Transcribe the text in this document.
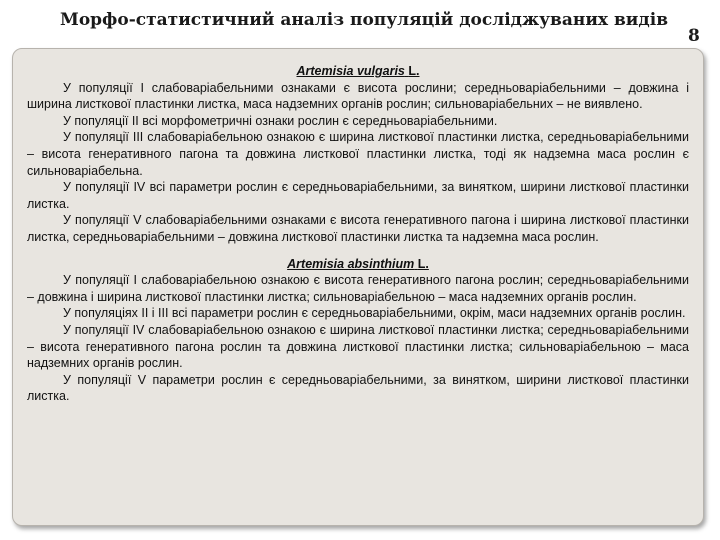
Морфо-статистичний аналіз популяцій досліджуваних видів
8

Artemisia vulgaris L.

У популяції І слабоваріабельними ознаками є висота рослини; середньоваріабельними – довжина і ширина листкової пластинки листка, маса надземних органів рослин; сильноваріабельних – не виявлено.

У популяції ІІ всі морфометричні ознаки рослин є середньоваріабельними.

У популяції ІІІ слабоваріабельною ознакою є ширина листкової пластинки листка, середньоваріабельними – висота генеративного пагона та довжина листкової пластинки листка, тоді як надземна маса рослин є сильноваріабельна.

У популяції IV всі параметри рослин є середньоваріабельними, за винятком, ширини листкової пластинки листка.

У популяції V слабоваріабельними ознаками є висота генеративного пагона і ширина листкової пластинки листка, середньоваріабельними – довжина листкової пластинки листка та надземна маса рослин.

Artemisia absinthium L.

У популяції І слабоваріабельною ознакою є висота генеративного пагона рослин; середньоваріабельними – довжина і ширина листкової пластинки листка; сильноваріабельною – маса надземних органів рослин.

У популяціях ІІ і ІІІ всі параметри рослин є середньоваріабельними, окрім, маси надземних органів рослин.

У популяції IV слабоваріабельною ознакою є ширина листкової пластинки листка; середньоваріабельними – висота генеративного пагона рослин та довжина листкової пластинки листка; сильноваріабельною – маса надземних органів рослин.

У популяції V параметри рослин є середньоваріабельними, за винятком, ширини листкової пластинки листка.
